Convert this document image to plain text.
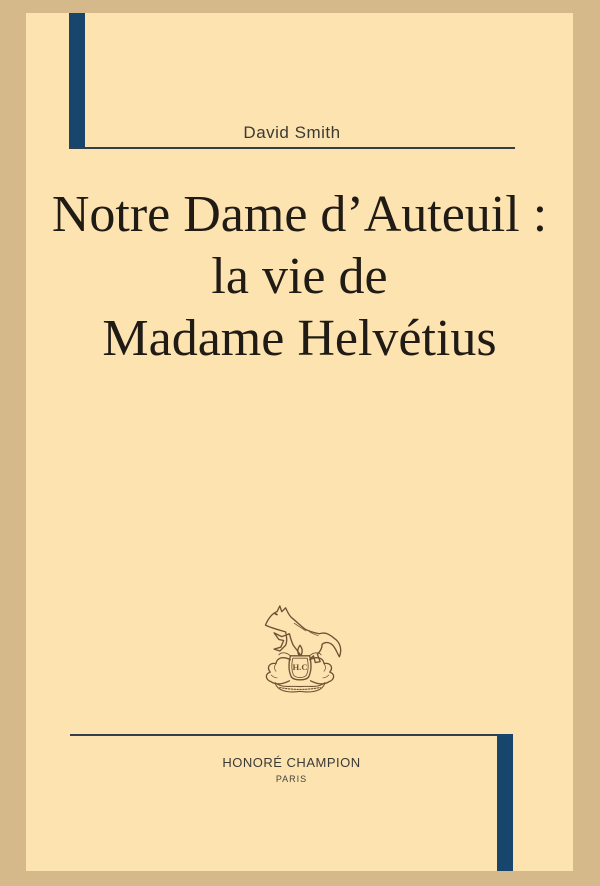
David Smith
Notre Dame d’Auteuil :
la vie de
Madame Helvétius
H.C
HONORÉ CHAMPION
PARIS
